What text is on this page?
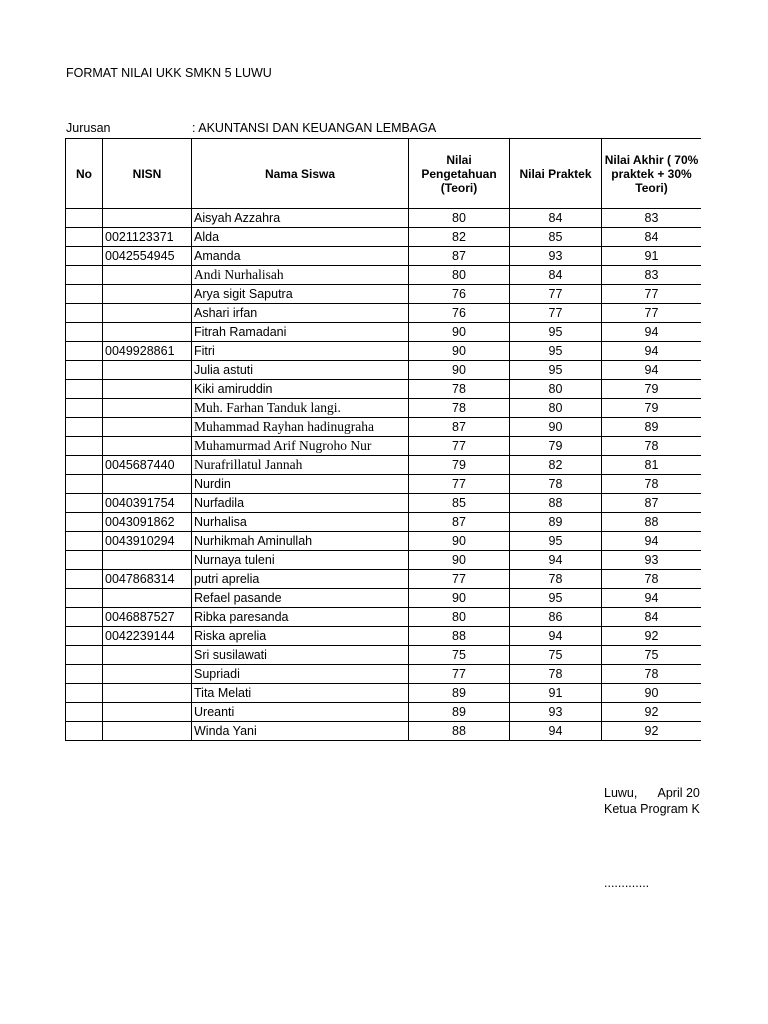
FORMAT NILAI UKK SMKN 5 LUWU
Jurusan	: AKUNTANSI DAN KEUANGAN LEMBAGA
No	NISN	Nama Siswa	Nilai Pengetahuan (Teori)	Nilai Praktek	Nilai Akhir ( 70% praktek + 30% Teori)
		Aisyah Azzahra	80	84	83
	0021123371	Alda	82	85	84
	0042554945	Amanda	87	93	91
		Andi Nurhalisah	80	84	83
		Arya sigit Saputra	76	77	77
		Ashari irfan	76	77	77
		Fitrah Ramadani	90	95	94
	0049928861	Fitri	90	95	94
		Julia astuti	90	95	94
		Kiki amiruddin	78	80	79
		Muh. Farhan Tanduk langi.	78	80	79
		Muhammad Rayhan hadinugraha	87	90	89
		Muhamurmad Arif Nugroho Nur	77	79	78
	0045687440	Nurafrillatul Jannah	79	82	81
		Nurdin	77	78	78
	0040391754	Nurfadila	85	88	87
	0043091862	Nurhalisa	87	89	88
	0043910294	Nurhikmah Aminullah	90	95	94
		Nurnaya tuleni	90	94	93
	0047868314	putri aprelia	77	78	78
		Refael pasande	90	95	94
	0046887527	Ribka paresanda	80	86	84
	0042239144	Riska aprelia	88	94	92
		Sri susilawati	75	75	75
		Supriadi	77	78	78
		Tita Melati	89	91	90
		Ureanti	89	93	92
		Winda Yani	88	94	92
Luwu,      April 20
Ketua Program K
.............
